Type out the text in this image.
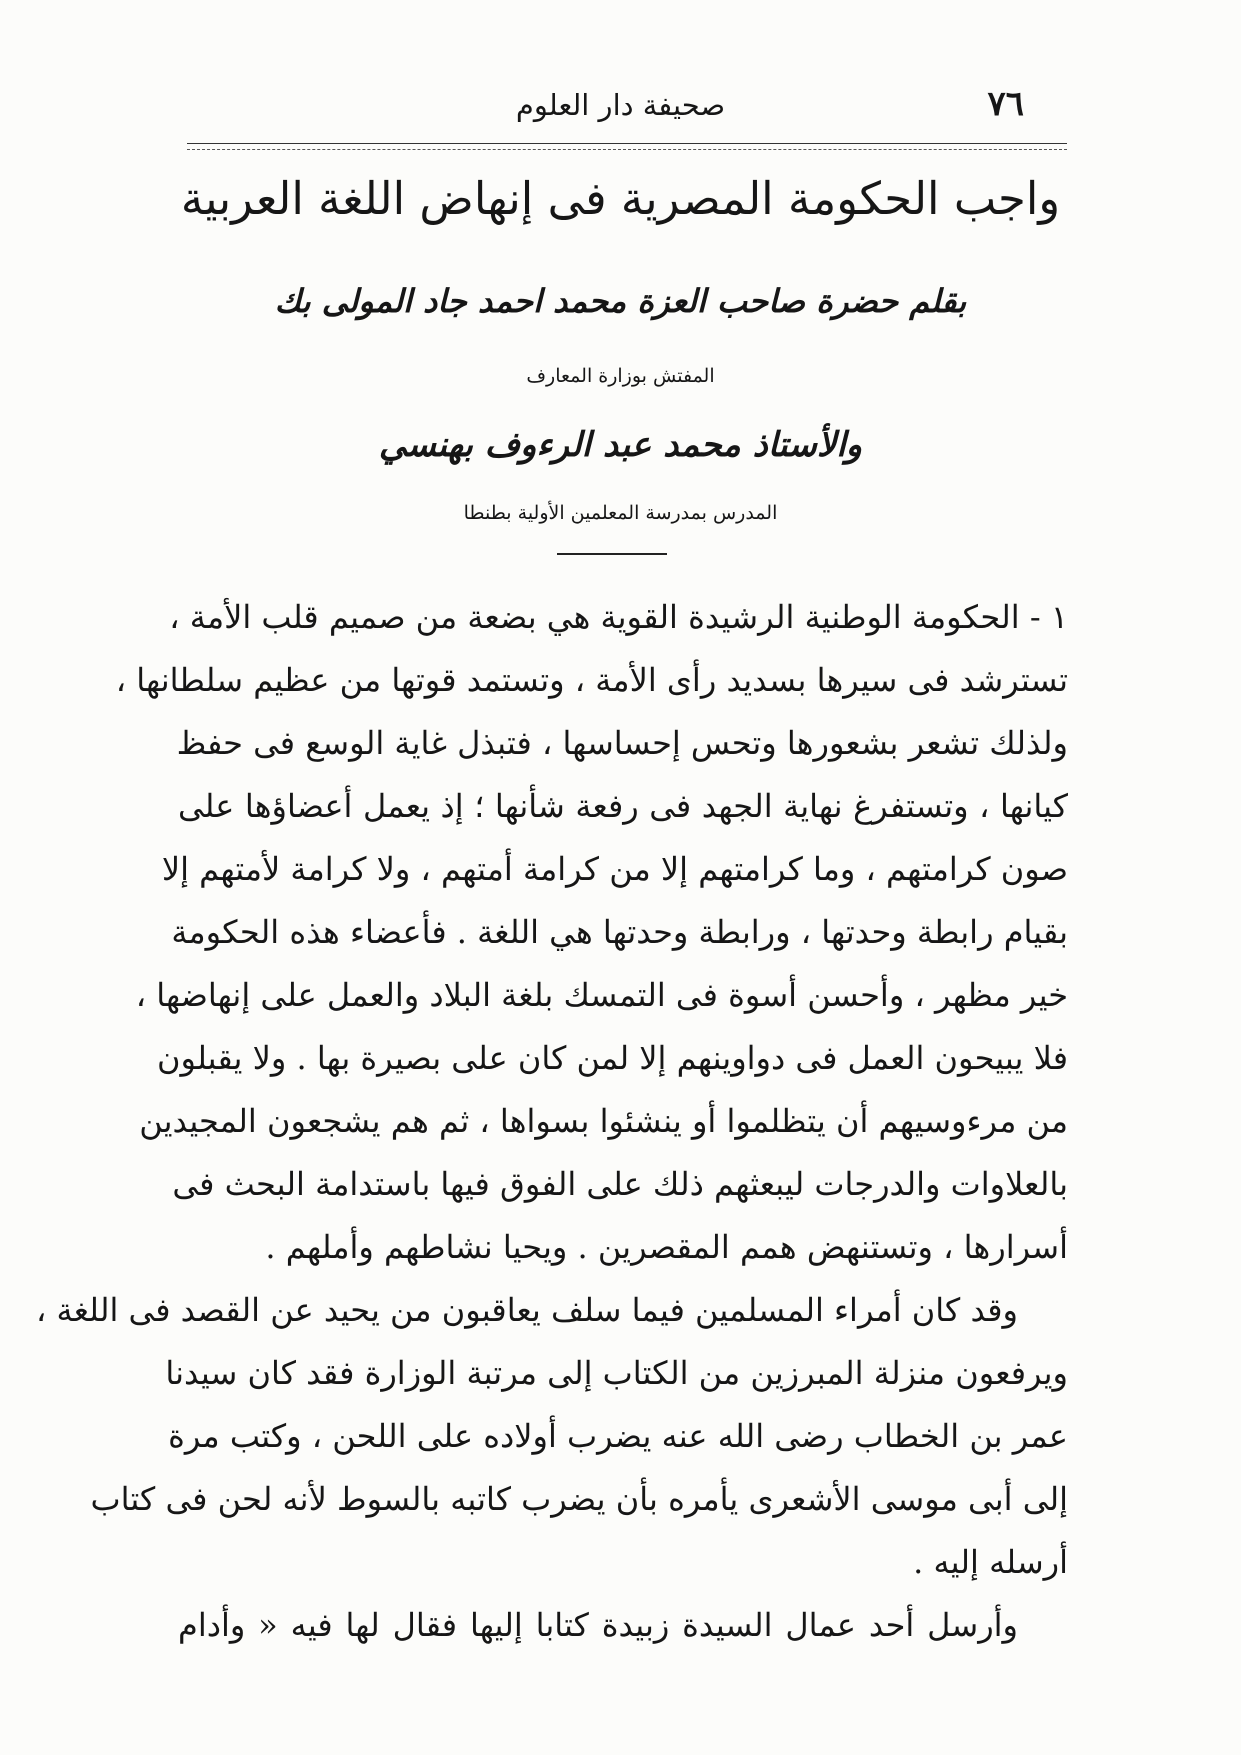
٧٦
صحيفة دار العلوم
واجب الحكومة المصرية فى إنهاض اللغة العربية
بقلم حضرة صاحب العزة محمد احمد جاد المولى بك
المفتش بوزارة المعارف
والأستاذ محمد عبد الرءوف بهنسي
المدرس بمدرسة المعلمين الأولية بطنطا
١ - الحكومة الوطنية الرشيدة القوية هي بضعة من صميم قلب الأمة ،
تسترشد فى سيرها بسديد رأى الأمة ، وتستمد قوتها من عظيم سلطانها ،
ولذلك تشعر بشعورها وتحس إحساسها ، فتبذل غاية الوسع فى حفظ
كيانها ، وتستفرغ نهاية الجهد فى رفعة شأنها ؛ إذ يعمل أعضاؤها على
صون كرامتهم ، وما كرامتهم إلا من كرامة أمتهم ، ولا كرامة لأمتهم إلا
بقيام رابطة وحدتها ، ورابطة وحدتها هي اللغة . فأعضاء هذه الحكومة
خير مظهر ، وأحسن أسوة فى التمسك بلغة البلاد والعمل على إنهاضها ،
فلا يبيحون العمل فى دواوينهم إلا لمن كان على بصيرة بها . ولا يقبلون
من مرءوسيهم أن يتظلموا أو ينشئوا بسواها ، ثم هم يشجعون المجيدين
بالعلاوات والدرجات ليبعثهم ذلك على الفوق فيها باستدامة البحث فى
أسرارها ، وتستنهض همم المقصرين . ويحيا نشاطهم وأملهم .
وقد كان أمراء المسلمين فيما سلف يعاقبون من يحيد عن القصد فى اللغة ،
ويرفعون منزلة المبرزين من الكتاب إلى مرتبة الوزارة فقد كان سيدنا
عمر بن الخطاب رضى الله عنه يضرب أولاده على اللحن ، وكتب مرة
إلى أبى موسى الأشعرى يأمره بأن يضرب كاتبه بالسوط لأنه لحن فى كتاب
أرسله إليه .
وأرسل أحد عمال السيدة زبيدة كتابا إليها فقال لها فيه « وأدام
